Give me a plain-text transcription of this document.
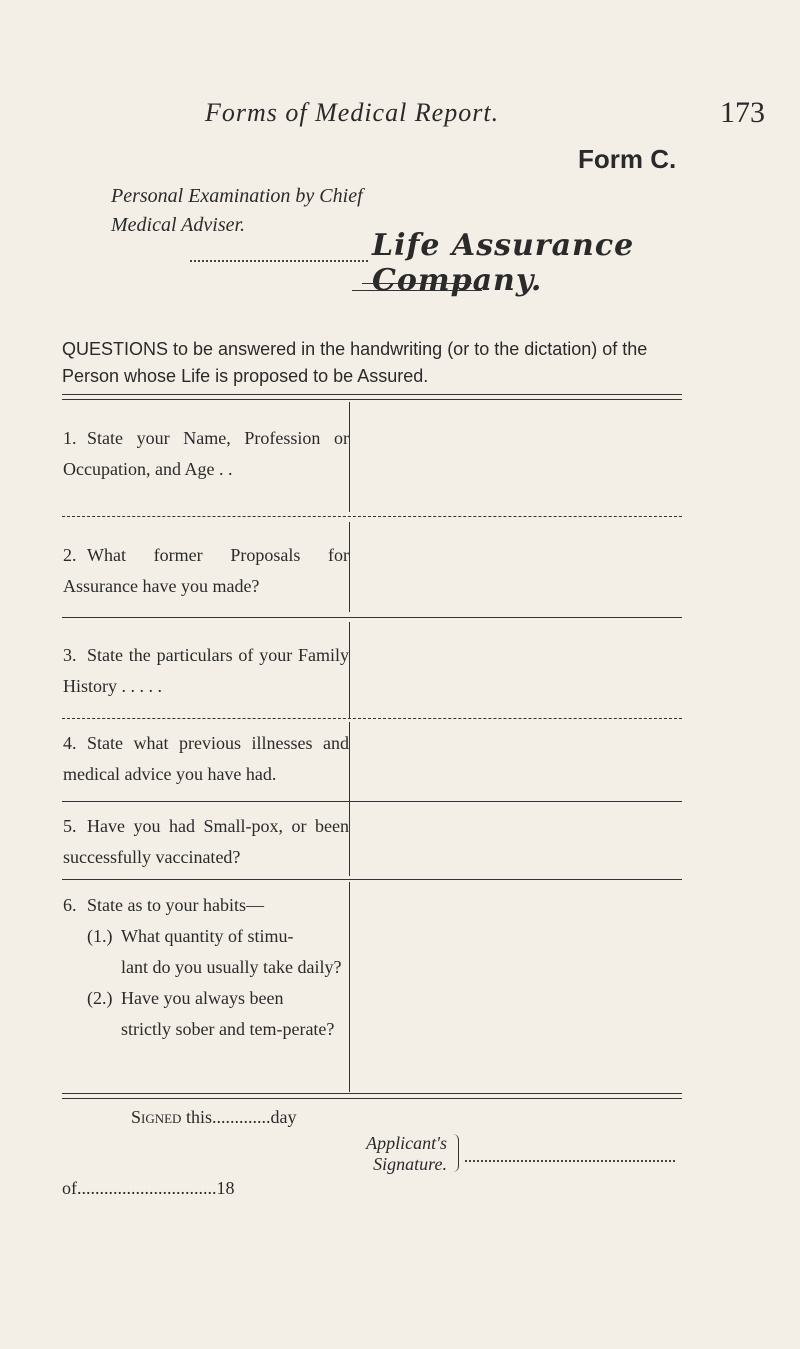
Forms of Medical Report.	173
Form C.
Personal Examination by Chief Medical Adviser.
Life Assurance Company.
QUESTIONS to be answered in the handwriting (or to the dictation) of the Person whose Life is proposed to be Assured.
1. State your Name, Profession or Occupation, and Age . .
2. What former Proposals for Assurance have you made?
3. State the particulars of your Family History . . . . .
4. State what previous illnesses and medical advice you have had.
5. Have you had Small-pox, or been successfully vaccinated?
6. State as to your habits—
(1.) What quantity of stimu-
lant do you usually take daily?
(2.) Have you always been
strictly sober and tem-perate?
Signed this.............day
Applicant's
Signature.
of...............................18
